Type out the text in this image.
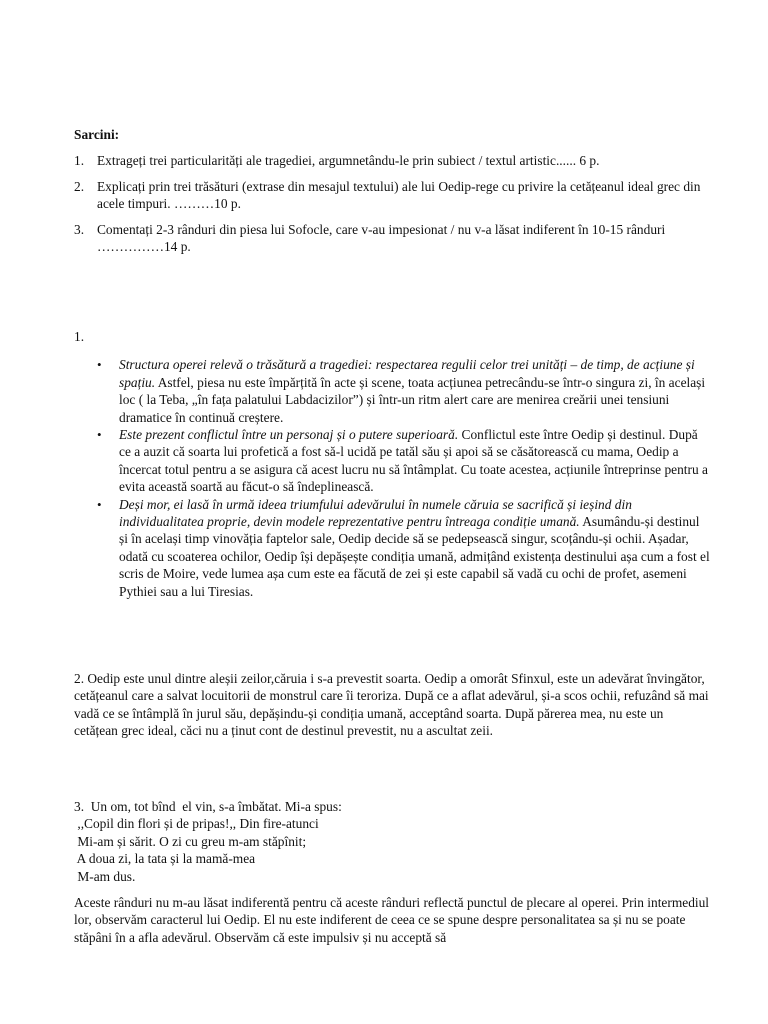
Sarcini:
1. Extrageți trei particularități ale tragediei, argumnetându-le prin subiect / textul artistic...... 6 p.
2. Explicați prin trei trăsături (extrase din mesajul textului) ale lui Oedip-rege cu privire la cetățeanul ideal grec din acele timpuri. ………10 p.
3. Comentați 2-3 rânduri din piesa lui Sofocle, care v-au impesionat / nu v-a lăsat indiferent în 10-15 rânduri ……………14 p.
1.
• Structura operei relevă o trăsătură a tragediei: respectarea regulii celor trei unități – de timp, de acțiune și spațiu. Astfel, piesa nu este împărțită în acte și scene, toata acțiunea petrecându-se într-o singura zi, în același loc ( la Teba, „în fața palatului Labdacizilor”) și într-un ritm alert care are menirea creării unei tensiuni dramatice în continuă creștere.
• Este prezent conflictul între un personaj și o putere superioară. Conflictul este între Oedip și destinul. După ce a auzit că soarta lui profetică a fost să-l ucidă pe tatăl său și apoi să se căsătorească cu mama, Oedip a încercat totul pentru a se asigura că acest lucru nu să întâmplat. Cu toate acestea, acțiunile întreprinse pentru a evita această soartă au făcut-o să îndeplinească.
• Deși mor, ei lasă în urmă ideea triumfului adevărului în numele căruia se sacrifică și ieșind din individualitatea proprie, devin modele reprezentative pentru întreaga condiție umană. Asumându-și destinul și în același timp vinovăția faptelor sale, Oedip decide să se pedepsească singur, scoțându-și ochii. Așadar, odată cu scoaterea ochilor, Oedip își depășește condiția umană, admițând existența destinului așa cum a fost el scris de Moire, vede lumea așa cum este ea făcută de zei și este capabil să vadă cu ochi de profet, asemeni Pythiei sau a lui Tiresias.
2. Oedip este unul dintre aleșii zeilor,căruia i s-a prevestit soarta. Oedip a omorât Sfinxul, este un adevărat învingător, cetățeanul care a salvat locuitorii de monstrul care îi teroriza. După ce a aflat adevărul, și-a scos ochii, refuzând să mai vadă ce se întâmplă în jurul său, depășindu-și condiția umană, acceptând soarta. După părerea mea, nu este un cetățean grec ideal, căci nu a ținut cont de destinul prevestit, nu a ascultat zeii.
3.  Un om, tot bînd  el vin, s-a îmbătat. Mi-a spus:
,,Copil din flori și de pripas!,, Din fire-atunci
Mi-am și sărit. O zi cu greu m-am stăpînit;
A doua zi, la tata și la mamă-mea
M-am dus.
Aceste rânduri nu m-au lăsat indiferentă pentru că aceste rânduri reflectă punctul de plecare al operei. Prin intermediul lor, observăm caracterul lui Oedip. El nu este indiferent de ceea ce se spune despre personalitatea sa și nu se poate stăpâni în a afla adevărul. Observăm că este impulsiv și nu acceptă să
